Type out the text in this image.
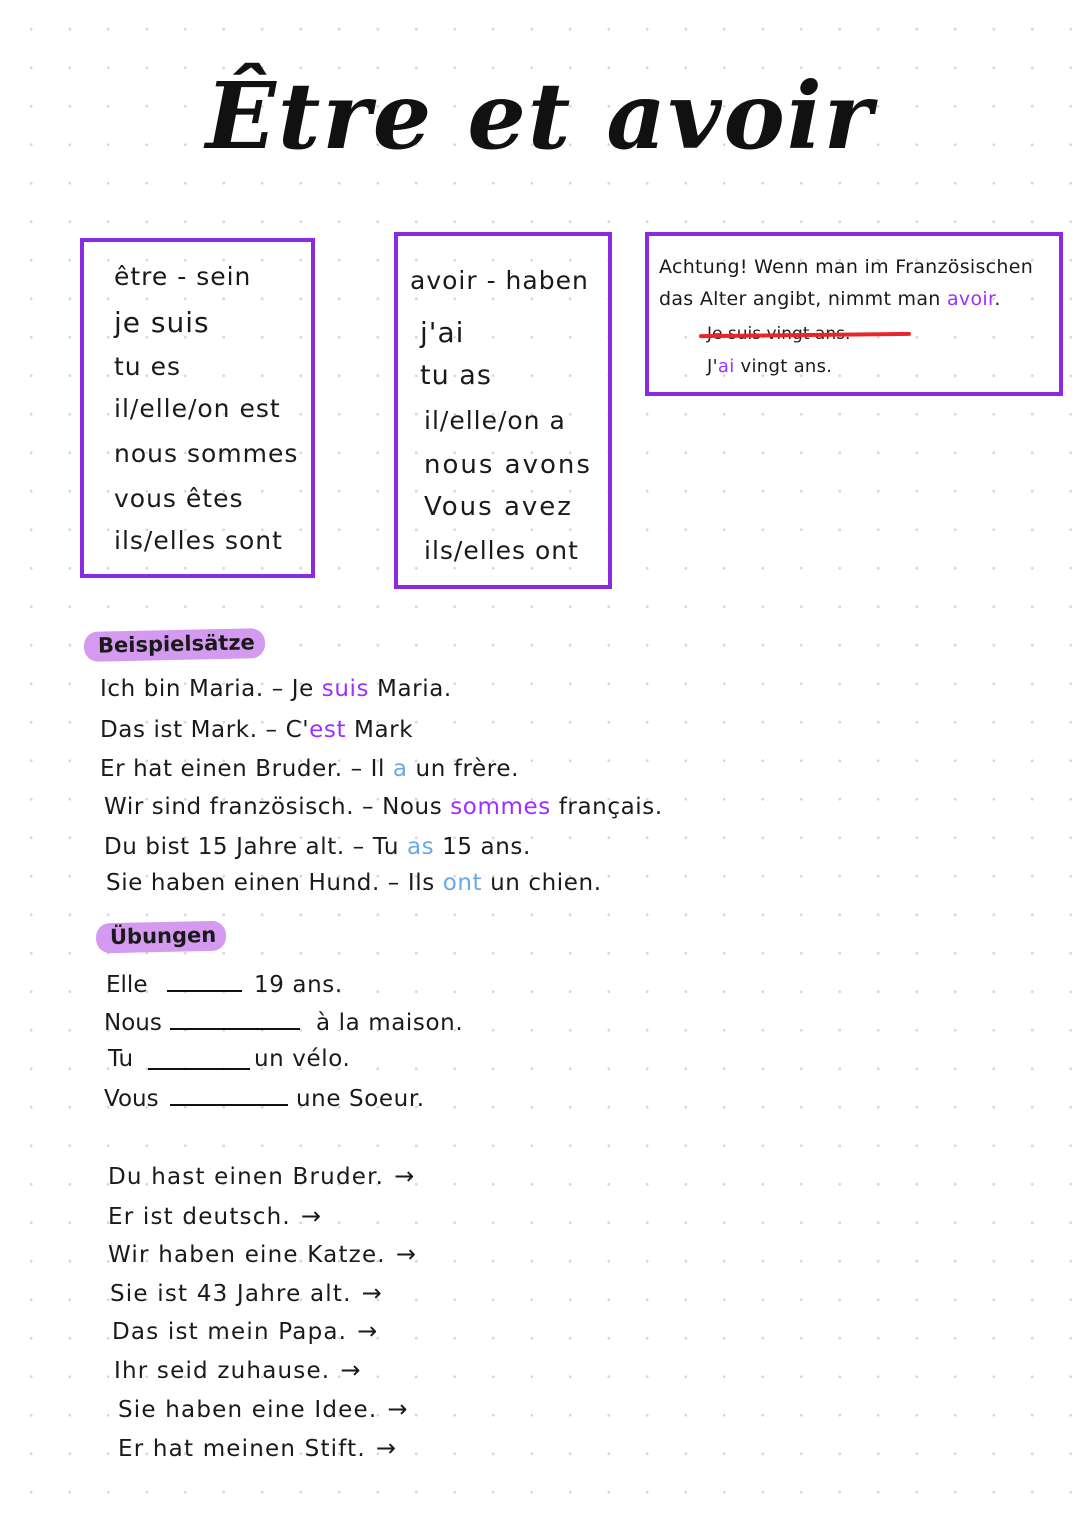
Être et avoir
être - sein
je suis
tu es
il/elle/on est
nous sommes
vous êtes
ils/elles sont
avoir - haben
j'ai
tu as
il/elle/on a
nous avons
Vous avez
ils/elles ont
Achtung! Wenn man im Französischen
das Alter angibt, nimmt man avoir.
J'ai vingt ans.
Beispielsätze
Ich bin Maria. – Je suis Maria.
Das ist Mark. – C'est Mark
Er hat einen Bruder. – Il a un frère.
Wir sind französisch. – Nous sommes français.
Du bist 15 Jahre alt. – Tu as 15 ans.
Sie haben einen Hund. – Ils ont un chien.
Übungen
Elle	19 ans.
Nous	à la maison.
Tu	un vélo.
Vous	une Soeur.
Du hast einen Bruder. →
Er ist deutsch. →
Wir haben eine Katze. →
Sie ist 43 Jahre alt. →
Das ist mein Papa. →
Ihr seid zuhause. →
Sie haben eine Idee. →
Er hat meinen Stift. →
